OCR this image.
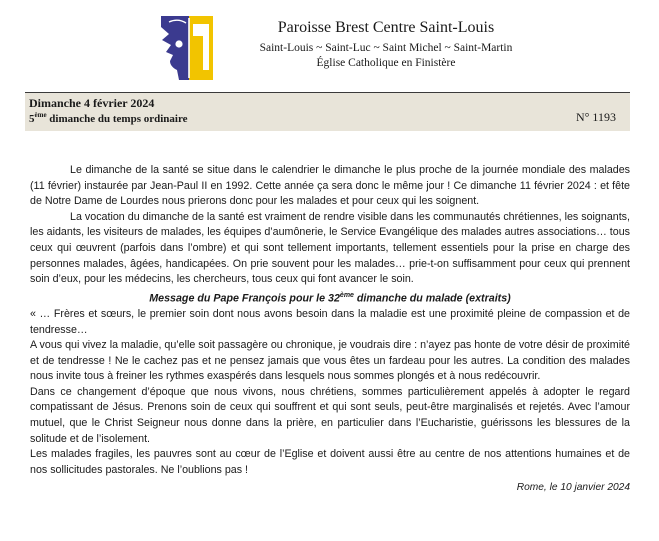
Paroisse Brest Centre Saint-Louis
Saint-Louis ~ Saint-Luc ~ Saint Michel ~ Saint-Martin
Église Catholique en Finistère
Dimanche 4 février 2024
5ème dimanche du temps ordinaire	N° 1193

Le dimanche de la santé se situe dans le calendrier le dimanche le plus proche de la journée mondiale des malades (11 février) instaurée par Jean-Paul II en 1992. Cette année ça sera donc le même jour ! Ce dimanche 11 février 2024 : et fête de Notre Dame de Lourdes nous prierons donc pour les malades et pour ceux qui les soignent.

La vocation du dimanche de la santé est vraiment de rendre visible dans les communautés chrétiennes, les soignants, les aidants, les visiteurs de malades, les équipes d’aumônerie, le Service Evangélique des malades autres associations… tous ceux qui œuvrent (parfois dans l’ombre) et qui sont tellement importants, tellement essentiels pour la prise en charge des personnes malades, âgées, handicapées. On prie souvent pour les malades… prie-t-on suffisamment pour ceux qui prennent soin d’eux, pour les médecins, les chercheurs, tous ceux qui font avancer le soin.

Message du Pape François pour le 32ème dimanche du malade (extraits)

« … Frères et sœurs, le premier soin dont nous avons besoin dans la maladie est une proximité pleine de compassion et de tendresse…

A vous qui vivez la maladie, qu’elle soit passagère ou chronique, je voudrais dire : n’ayez pas honte de votre désir de proximité et de tendresse ! Ne le cachez pas et ne pensez jamais que vous êtes un fardeau pour les autres. La condition des malades nous invite tous à freiner les rythmes exaspérés dans lesquels nous sommes plongés et à nous redécouvrir.

Dans ce changement d’époque que nous vivons, nous chrétiens, sommes particulièrement appelés à adopter le regard compatissant de Jésus. Prenons soin de ceux qui souffrent et qui sont seuls, peut-être marginalisés et rejetés. Avec l’amour mutuel, que le Christ Seigneur nous donne dans la prière, en particulier dans l’Eucharistie, guérissons les blessures de la solitude et de l’isolement.

Les malades fragiles, les pauvres sont au cœur de l’Eglise et doivent aussi être au centre de nos attentions humaines et de nos sollicitudes pastorales. Ne l’oublions pas !

Rome, le 10 janvier 2024
